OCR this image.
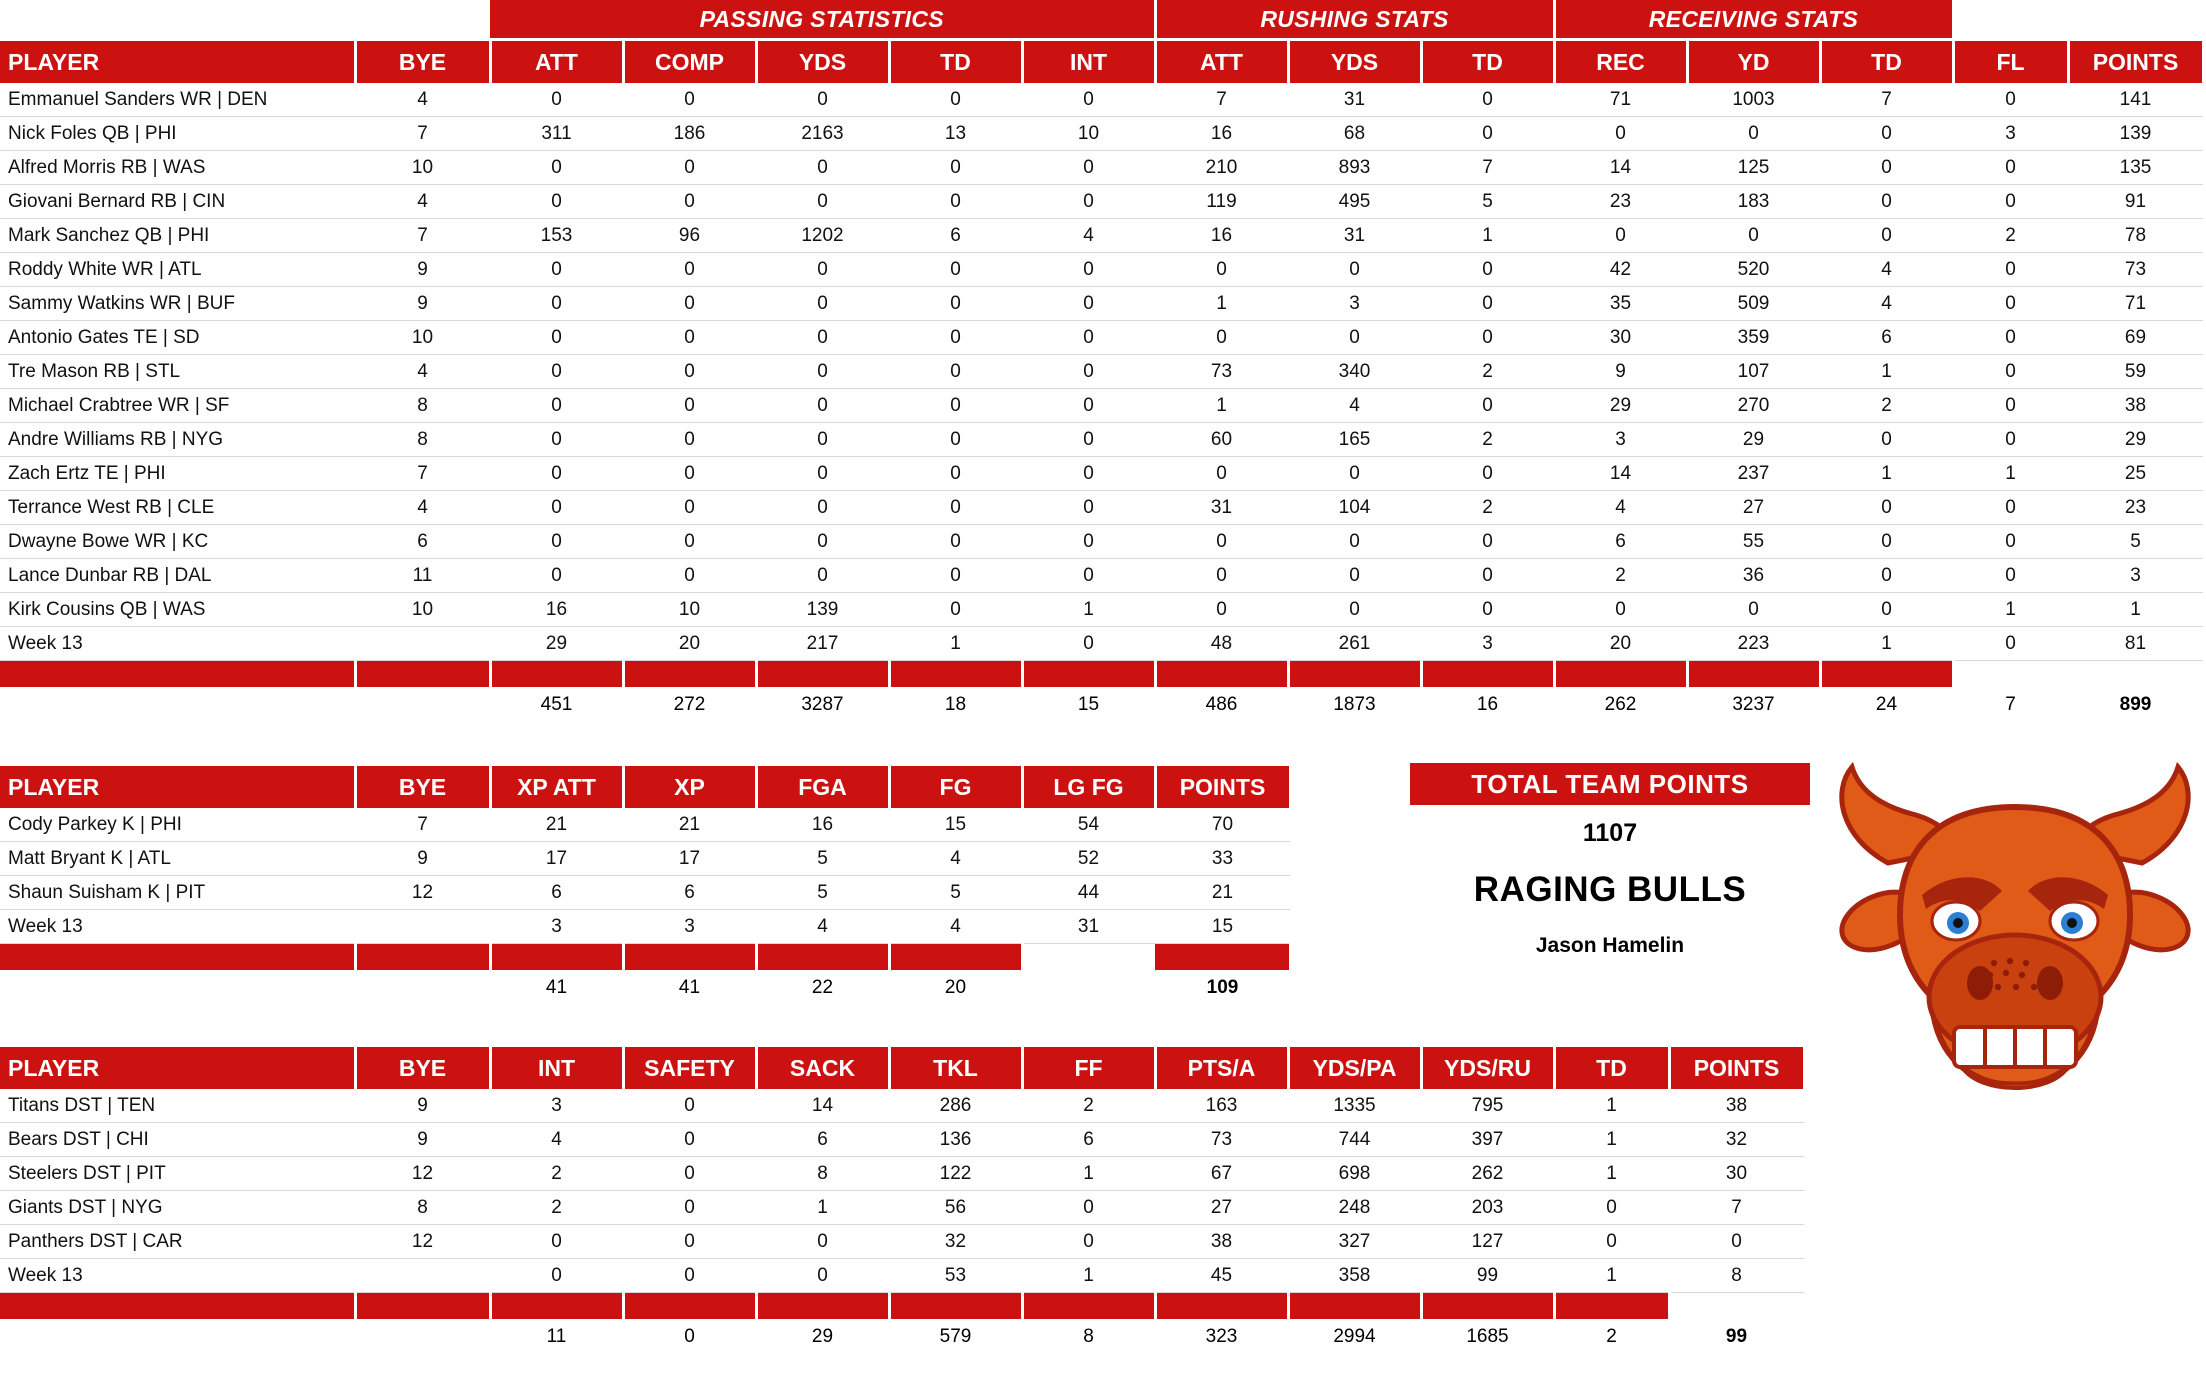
		PASSING STATISTICS					RUSHING STATS			RECEIVING STATS				
PLAYER	BYE	ATT	COMP	YDS	TD	INT	ATT	YDS	TD	REC	YD	TD	FL	POINTS
Emmanuel Sanders WR | DEN	4	0	0	0	0	0	7	31	0	71	1003	7	0	141
Nick Foles QB | PHI	7	311	186	2163	13	10	16	68	0	0	0	0	3	139
Alfred Morris RB | WAS	10	0	0	0	0	0	210	893	7	14	125	0	0	135
Giovani Bernard RB | CIN	4	0	0	0	0	0	119	495	5	23	183	0	0	91
Mark Sanchez QB | PHI	7	153	96	1202	6	4	16	31	1	0	0	0	2	78
Roddy White WR | ATL	9	0	0	0	0	0	0	0	0	42	520	4	0	73
Sammy Watkins WR | BUF	9	0	0	0	0	0	1	3	0	35	509	4	0	71
Antonio Gates TE | SD	10	0	0	0	0	0	0	0	0	30	359	6	0	69
Tre Mason RB | STL	4	0	0	0	0	0	73	340	2	9	107	1	0	59
Michael Crabtree WR | SF	8	0	0	0	0	0	1	4	0	29	270	2	0	38
Andre Williams RB | NYG	8	0	0	0	0	0	60	165	2	3	29	0	0	29
Zach Ertz TE | PHI	7	0	0	0	0	0	0	0	0	14	237	1	1	25
Terrance West RB | CLE	4	0	0	0	0	0	31	104	2	4	27	0	0	23
Dwayne Bowe WR | KC	6	0	0	0	0	0	0	0	0	6	55	0	0	5
Lance Dunbar RB | DAL	11	0	0	0	0	0	0	0	0	2	36	0	0	3
Kirk Cousins QB | WAS	10	16	10	139	0	1	0	0	0	0	0	0	1	1
Week 13		29	20	217	1	0	48	261	3	20	223	1	0	81

		451	272	3287	18	15	486	1873	16	262	3237	24	7	899
PLAYER	BYE	XP ATT	XP	FGA	FG	LG FG	POINTS
Cody Parkey K | PHI	7	21	21	16	15	54	70
Matt Bryant K | ATL	9	17	17	5	4	52	33
Shaun Suisham K | PIT	12	6	6	5	5	44	21
Week 13		3	3	4	4	31	15

		41	41	22	20		109
PLAYER	BYE	INT	SAFETY	SACK	TKL	FF	PTS/A	YDS/PA	YDS/RU	TD	POINTS
Titans DST | TEN	9	3	0	14	286	2	163	1335	795	1	38
Bears DST | CHI	9	4	0	6	136	6	73	744	397	1	32
Steelers DST | PIT	12	2	0	8	122	1	67	698	262	1	30
Giants DST | NYG	8	2	0	1	56	0	27	248	203	0	7
Panthers DST | CAR	12	0	0	0	32	0	38	327	127	0	0
Week 13		0	0	0	53	1	45	358	99	1	8

		11	0	29	579	8	323	2994	1685	2	99
TOTAL TEAM POINTS
1107
RAGING BULLS
Jason Hamelin
